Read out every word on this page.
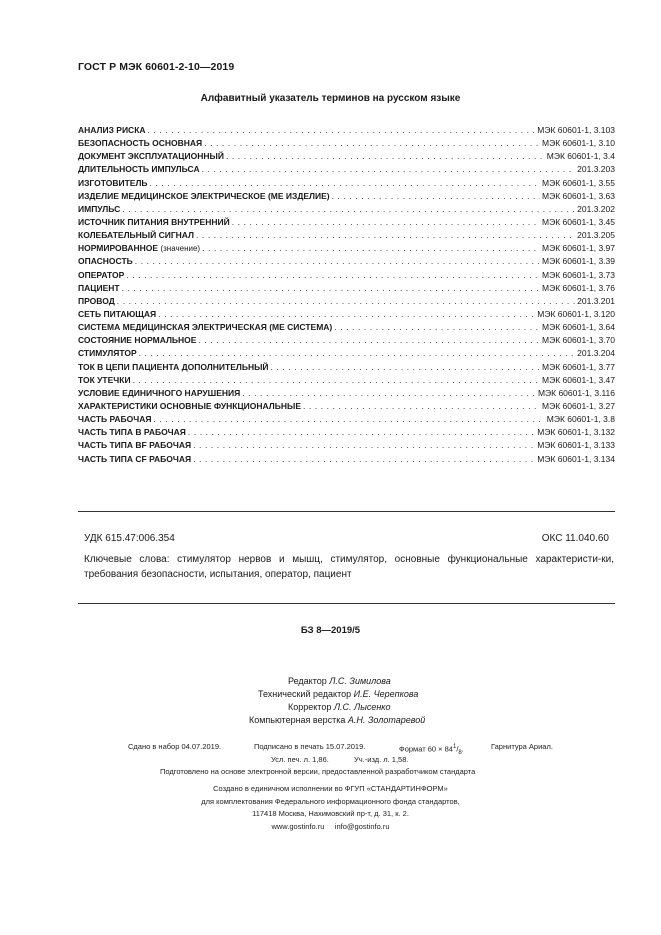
ГОСТ Р МЭК 60601-2-10—2019
Алфавитный указатель терминов на русском языке
АНАЛИЗ РИСКА . . .	МЭК 60601-1, 3.103
БЕЗОПАСНОСТЬ ОСНОВНАЯ . . .	МЭК 60601-1, 3.10
ДОКУМЕНТ ЭКСПЛУАТАЦИОННЫЙ . . .	МЭК 60601-1, 3.4
ДЛИТЕЛЬНОСТЬ ИМПУЛЬСА . . .	201.3.203
ИЗГОТОВИТЕЛЬ . . .	МЭК 60601-1, 3.55
ИЗДЕЛИЕ МЕДИЦИНСКОЕ ЭЛЕКТРИЧЕСКОЕ (МЕ ИЗДЕЛИЕ) . . .	МЭК 60601-1, 3.63
ИМПУЛЬС . . .	201.3.202
ИСТОЧНИК ПИТАНИЯ ВНУТРЕННИЙ . . .	МЭК 60601-1, 3.45
КОЛЕБАТЕЛЬНЫЙ СИГНАЛ . . .	201.3.205
НОРМИРОВАННОЕ (значение) . . .	МЭК 60601-1, 3.97
ОПАСНОСТЬ . . .	МЭК 60601-1, 3.39
ОПЕРАТОР . . .	МЭК 60601-1, 3.73
ПАЦИЕНТ . . .	МЭК 60601-1, 3.76
ПРОВОД . . .	201.3.201
СЕТЬ ПИТАЮЩАЯ . . .	МЭК 60601-1, 3.120
СИСТЕМА МЕДИЦИНСКАЯ ЭЛЕКТРИЧЕСКАЯ (МЕ СИСТЕМА) . . .	МЭК 60601-1, 3.64
СОСТОЯНИЕ НОРМАЛЬНОЕ . . .	МЭК 60601-1, 3.70
СТИМУЛЯТОР . . .	201.3.204
ТОК В ЦЕПИ ПАЦИЕНТА ДОПОЛНИТЕЛЬНЫЙ . . .	МЭК 60601-1, 3.77
ТОК УТЕЧКИ . . .	МЭК 60601-1, 3.47
УСЛОВИЕ ЕДИНИЧНОГО НАРУШЕНИЯ . . .	МЭК 60601-1, 3.116
ХАРАКТЕРИСТИКИ ОСНОВНЫЕ ФУНКЦИОНАЛЬНЫЕ . . .	МЭК 60601-1, 3.27
ЧАСТЬ РАБОЧАЯ . . .	МЭК 60601-1, 3.8
ЧАСТЬ ТИПА В РАБОЧАЯ . . .	МЭК 60601-1, 3.132
ЧАСТЬ ТИПА BF РАБОЧАЯ . . .	МЭК 60601-1, 3.133
ЧАСТЬ ТИПА CF РАБОЧАЯ . . .	МЭК 60601-1, 3.134
УДК 615.47:006.354	ОКС 11.040.60
Ключевые слова: стимулятор нервов и мышц, стимулятор, основные функциональные характеристи-ки, требования безопасности, испытания, оператор, пациент
БЗ 8—2019/5
Редактор Л.С. Зимилова
Технический редактор И.Е. Черепкова
Корректор Л.С. Лысенко
Компьютерная верстка А.Н. Золотаревой
Сдано в набор 04.07.2019.	Подписано в печать 15.07.2019.	Формат $60 \times 84^1/_8$.	Гарнитура Ариал.
Усл. печ. л. 1,86.	Уч.-изд. л. 1,58.
Подготовлено на основе электронной версии, предоставленной разработчиком стандарта
Создано в единичном исполнении во ФГУП «СТАНДАРТИНФОРМ»
для комплектования Федерального информационного фонда стандартов,
117418 Москва, Нахимовский пр-т, д. 31, к. 2.
www.gostinfo.ru     info@gostinfo.ru
